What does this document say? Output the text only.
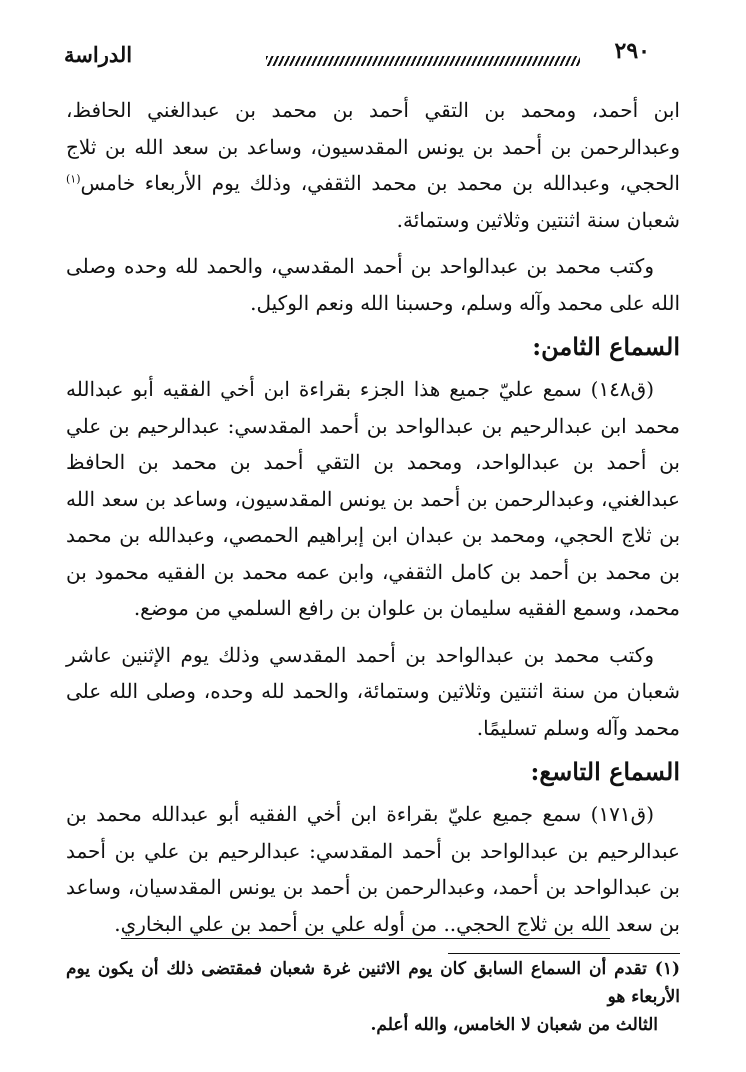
٢٩٠
الدراسة

ابن أحمد، ومحمد بن التقي أحمد بن محمد بن عبدالغني الحافظ، وعبدالرحمن بن أحمد بن يونس المقدسيون، وساعد بن سعد الله بن ثلاج الحجي، وعبدالله بن محمد بن محمد الثقفي، وذلك يوم الأربعاء خامس$^{(١)}$ شعبان سنة اثنتين وثلاثين وستمائة.

وكتب محمد بن عبدالواحد بن أحمد المقدسي، والحمد لله وحده وصلى الله على محمد وآله وسلم، وحسبنا الله ونعم الوكيل.

السماع الثامن:

(ق١٤٨) سمع عليّ جميع هذا الجزء بقراءة ابن أخي الفقيه أبو عبدالله محمد ابن عبدالرحيم بن عبدالواحد بن أحمد المقدسي: عبدالرحيم بن علي بن أحمد بن عبدالواحد، ومحمد بن التقي أحمد بن محمد بن الحافظ عبدالغني، وعبدالرحمن بن أحمد بن يونس المقدسيون، وساعد بن سعد الله بن ثلاج الحجي، ومحمد بن عبدان ابن إبراهيم الحمصي، وعبدالله بن محمد بن محمد بن أحمد بن كامل الثقفي، وابن عمه محمد بن الفقيه محمود بن محمد، وسمع الفقيه سليمان بن علوان بن رافع السلمي من موضع.

وكتب محمد بن عبدالواحد بن أحمد المقدسي وذلك يوم الإثنين عاشر شعبان من سنة اثنتين وثلاثين وستمائة، والحمد لله وحده، وصلى الله على محمد وآله وسلم تسليمًا.

السماع التاسع:

(ق١٧١) سمع جميع عليّ بقراءة ابن أخي الفقيه أبو عبدالله محمد بن عبدالرحيم بن عبدالواحد بن أحمد المقدسي: عبدالرحيم بن علي بن أحمد بن عبدالواحد بن أحمد، وعبدالرحمن بن أحمد بن يونس المقدسيان، وساعد بن سعد الله بن ثلاج الحجي.. من أوله علي بن أحمد بن علي البخاري.

(١) تقدم أن السماع السابق كان يوم الاثنين غرة شعبان فمقتضى ذلك أن يكون يوم الأربعاء هو
الثالث من شعبان لا الخامس، والله أعلم.
